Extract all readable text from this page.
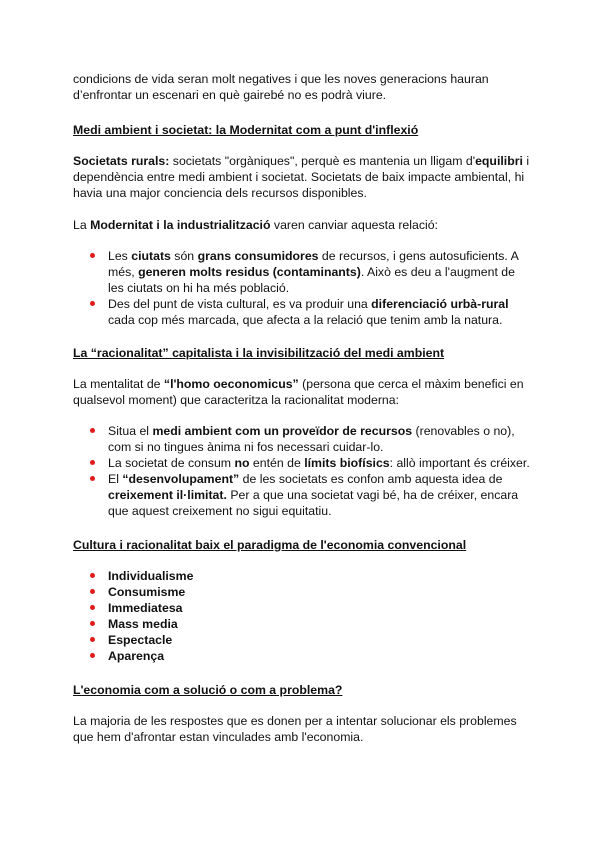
condicions de vida seran molt negatives i que les noves generacions hauran

d’enfrontar un escenari en què gairebé no es podrà viure.

Medi ambient i societat: la Modernitat com a punt d'inflexió

Societats rurals: societats "orgàniques", perquè es mantenia un lligam d'equilibri i dependència entre medi ambient i societat. Societats de baix impacte ambiental, hi havia una major conciencia dels recursos disponibles.

La Modernitat i la industrialització varen canviar aquesta relació:

Les ciutats són grans consumidores de recursos, i gens autosuficients. A més, generen molts residus (contaminants). Això es deu a l'augment de les ciutats on hi ha més població.
Des del punt de vista cultural, es va produir una diferenciació urbà-rural cada cop més marcada, que afecta a la relació que tenim amb la natura.
La “racionalitat” capitalista i la invisibilització del medi ambient

La mentalitat de “l'homo oeconomicus” (persona que cerca el màxim benefici en qualsevol moment) que caracteritza la racionalitat moderna:

Situa el medi ambient com un proveïdor de recursos (renovables o no), com si no tingues ànima ni fos necessari cuidar-lo.
La societat de consum no entén de límits biofísics: allò important és créixer.
El “desenvolupament” de les societats es confon amb aquesta idea de creixement il·limitat. Per a que una societat vagi bé, ha de créixer, encara que aquest creixement no sigui equitatiu.
Cultura i racionalitat baix el paradigma de l'economia convencional
Individualisme
Consumisme
Immediatesa
Mass media
Espectacle
Aparença
L'economia com a solució o com a problema?

La majoria de les respostes que es donen per a intentar solucionar els problemes que hem d'afrontar estan vinculades amb l'economia.
